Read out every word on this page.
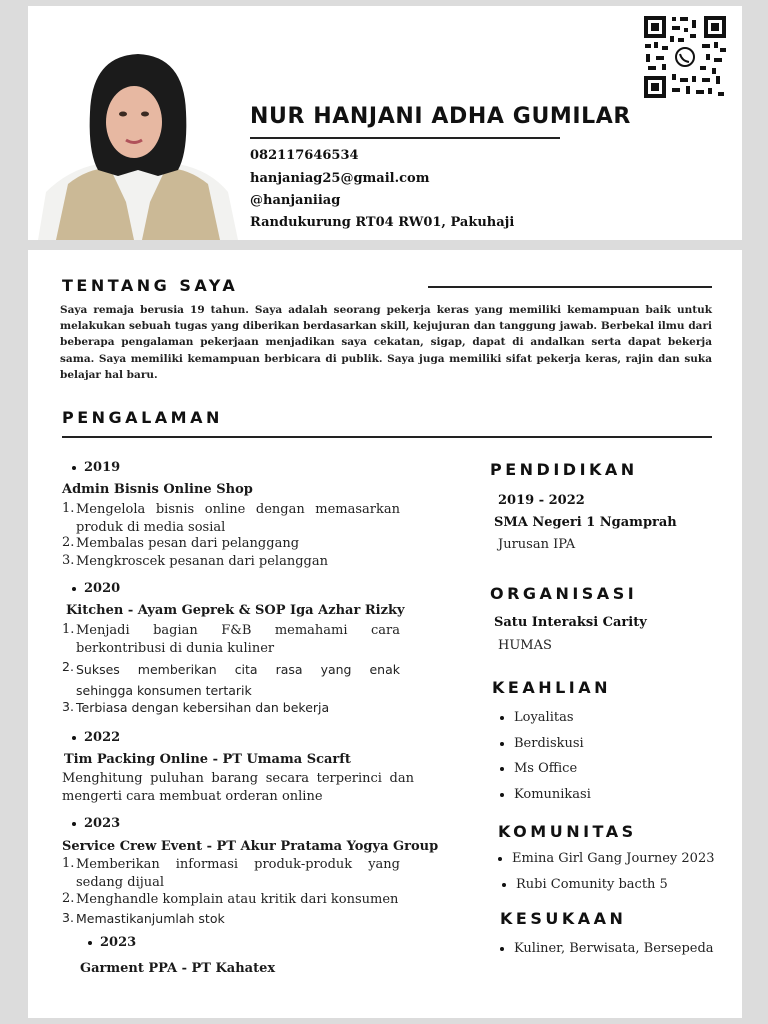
NUR HANJANI ADHA GUMILAR
082117646534
hanjaniag25@gmail.com
@hanjaniiag
Randukurung RT04 RW01, Pakuhaji
TENTANG SAYA
Saya remaja berusia 19 tahun. Saya adalah seorang pekerja keras yang memiliki kemampuan baik untuk melakukan sebuah tugas yang diberikan berdasarkan skill, kejujuran dan tanggung jawab. Berbekal ilmu dari beberapa pengalaman pekerjaan menjadikan saya cekatan, sigap, dapat di andalkan serta dapat bekerja sama. Saya memiliki kemampuan berbicara di publik. Saya juga memiliki sifat pekerja keras, rajin dan suka belajar hal baru.
PENGALAMAN
2019
Admin Bisnis Online Shop
1. Mengelola bisnis online dengan memasarkan
produk di media sosial
2. Membalas pesan dari pelanggang
3. Mengkroscek pesanan dari pelanggan
2020
Kitchen - Ayam Geprek & SOP Iga Azhar Rizky
1. Menjadi bagian F&B memahami cara
berkontribusi di dunia kuliner
2. Sukses memberikan cita rasa yang enak
sehingga konsumen tertarik
3. Terbiasa dengan kebersihan dan bekerja
2022
Tim Packing Online - PT Umama Scarft
Menghitung puluhan barang secara terperinci dan
mengerti cara membuat orderan online
2023
Service Crew Event - PT Akur Pratama Yogya Group
1. Memberikan informasi produk-produk yang
sedang dijual
2. Menghandle komplain atau kritik dari konsumen
3. Memastikanjumlah stok
2023
Garment PPA - PT Kahatex
PENDIDIKAN
2019 - 2022
SMA Negeri 1 Ngamprah
Jurusan IPA
ORGANISASI
Satu Interaksi Carity
HUMAS
KEAHLIAN
Loyalitas
Berdiskusi
Ms Office
Komunikasi
KOMUNITAS
Emina Girl Gang Journey 2023
Rubi Comunity bacth 5
KESUKAAN
Kuliner, Berwisata, Bersepeda
